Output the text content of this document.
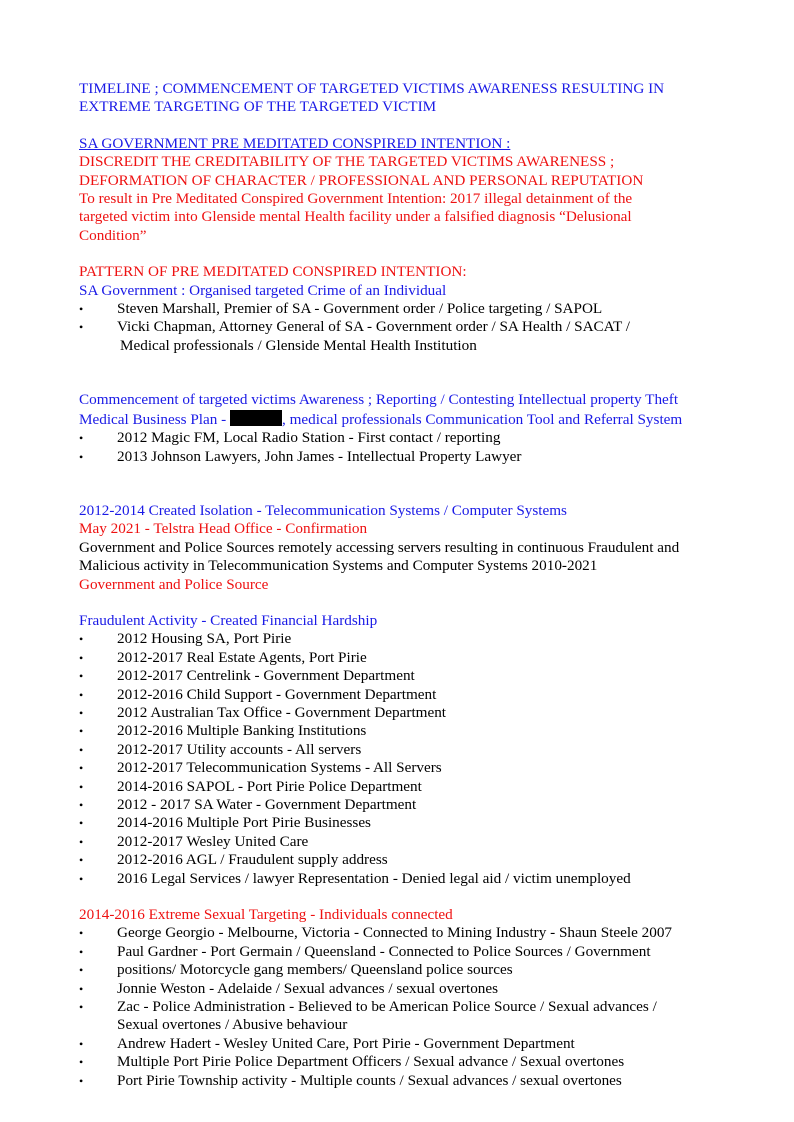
TIMELINE ; COMMENCEMENT OF TARGETED VICTIMS AWARENESS RESULTING IN
EXTREME TARGETING OF THE TARGETED VICTIM
SA GOVERNMENT PRE MEDITATED CONSPIRED INTENTION :
DISCREDIT THE CREDITABILITY OF THE TARGETED VICTIMS AWARENESS ;
DEFORMATION OF CHARACTER / PROFESSIONAL AND PERSONAL REPUTATION
To result in Pre Meditated Conspired Government Intention: 2017 illegal detainment of the
targeted victim into Glenside mental Health facility under a falsified diagnosis “Delusional
Condition”
PATTERN OF PRE MEDITATED CONSPIRED INTENTION:
SA Government : Organised targeted Crime of an Individual
• Steven Marshall, Premier of SA - Government order / Police targeting / SAPOL
• Vicki Chapman, Attorney General of SA - Government order / SA Health / SACAT /
Medical professionals / Glenside Mental Health Institution
Commencement of targeted victims Awareness ; Reporting / Contesting Intellectual property Theft
Medical Business Plan -	, medical professionals Communication Tool and Referral System
• 2012 Magic FM, Local Radio Station - First contact / reporting
• 2013 Johnson Lawyers, John James - Intellectual Property Lawyer
2012-2014 Created Isolation - Telecommunication Systems / Computer Systems
May 2021 - Telstra Head Office - Confirmation
Government and Police Sources remotely accessing servers resulting in continuous Fraudulent and
Malicious activity in Telecommunication Systems and Computer Systems 2010-2021
Government and Police Source
Fraudulent Activity - Created Financial Hardship
• 2012 Housing SA, Port Pirie
• 2012-2017 Real Estate Agents, Port Pirie
• 2012-2017 Centrelink - Government Department
• 2012-2016 Child Support - Government Department
• 2012 Australian Tax Office - Government Department
• 2012-2016 Multiple Banking Institutions
• 2012-2017 Utility accounts - All servers
• 2012-2017 Telecommunication Systems - All Servers
• 2014-2016 SAPOL - Port Pirie Police Department
• 2012 - 2017 SA Water - Government Department
• 2014-2016 Multiple Port Pirie Businesses
• 2012-2017 Wesley United Care
• 2012-2016 AGL / Fraudulent supply address
• 2016 Legal Services / lawyer Representation - Denied legal aid / victim unemployed
2014-2016 Extreme Sexual Targeting - Individuals connected
• George Georgio - Melbourne, Victoria - Connected to Mining Industry - Shaun Steele 2007
• Paul Gardner - Port Germain / Queensland - Connected to Police Sources / Government
• positions/ Motorcycle gang members/ Queensland police sources
• Jonnie Weston - Adelaide / Sexual advances / sexual overtones
• Zac - Police Administration - Believed to be American Police Source / Sexual advances /
Sexual overtones / Abusive behaviour
• Andrew Hadert - Wesley United Care, Port Pirie - Government Department
• Multiple Port Pirie Police Department Officers / Sexual advance / Sexual overtones
• Port Pirie Township activity - Multiple counts / Sexual advances / sexual overtones
